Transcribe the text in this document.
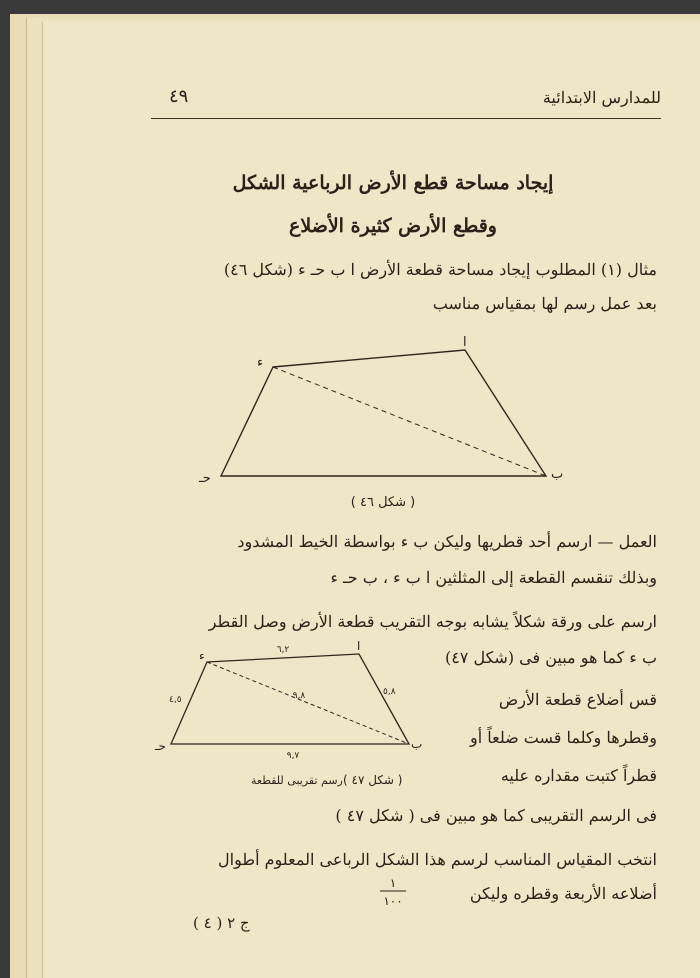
للمدارس الابتدائية
٤٩
إيجاد مساحة قطع الأرض الرباعية الشكل
وقطع الأرض كثيرة الأضلاع
مثال (١) المطلوب إيجاد مساحة قطعة الأرض ا ب حـ ء (شكل ٤٦)
بعد عمل رسم لها بمقياس مناسب
ا
ب
حـ
ء
( شكل ٤٦ )
العمل — ارسم أحد قطريها وليكن ب ء بواسطة الخيط المشدود
وبذلك تنقسم القطعة إلى المثلثين ا ب ء ، ب حـ ء
ارسم على ورقة شكلاً يشابه بوجه التقريب قطعة الأرض وصل القطر
ب ء كما هو مبين فى (شكل ٤٧)
قس أضلاع قطعة الأرض
وقطرها وكلما قست ضلعاً أو
قطراً كتبت مقداره عليه
فى الرسم التقريبى كما هو مبين فى ( شكل ٤٧ )
انتخب المقياس المناسب لرسم هذا الشكل الرباعى المعلوم أطوال
أضلاعه الأربعة وقطره وليكن
١
١٠٠
ا
ب
حـ
ء	٦,٢
٤,٥
٥,٨
٩,٧
٩,٨
رسم تقريبى للقطعة ( شكل ٤٧ )
ج ٢ ( ٤ )
